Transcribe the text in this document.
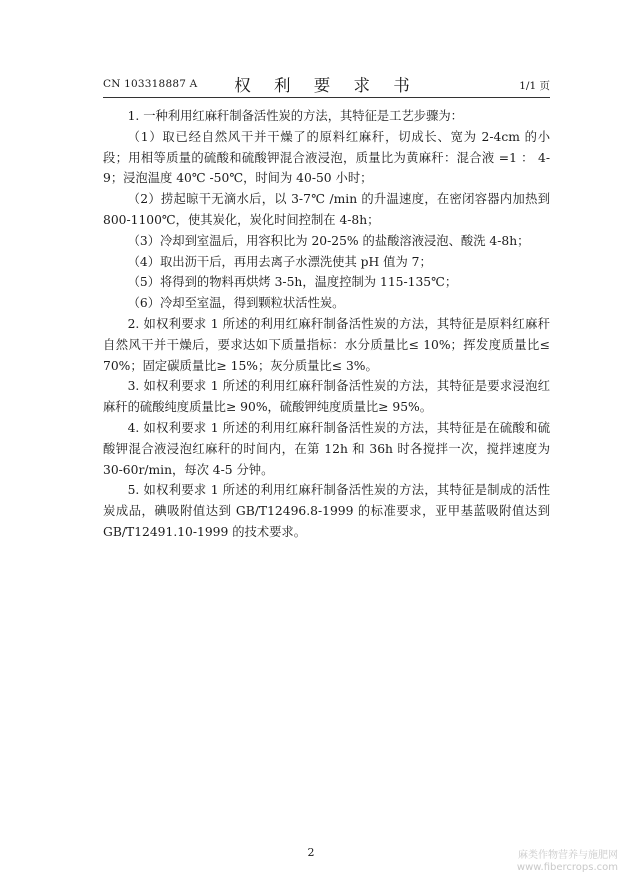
CN 103318887 A	权 利 要 求 书	1/1 页

1. 一种利用红麻秆制备活性炭的方法，其特征是工艺步骤为：

（1）取已经自然风干并干燥了的原料红麻秆，切成长、宽为 2-4cm 的小段；用相等质量的硫酸和硫酸钾混合液浸泡，质量比为黄麻秆：混合液 =1 ： 4-9；浸泡温度 40℃ -50℃，时间为 40-50 小时；

（2）捞起晾干无滴水后，以 3-7℃ /min 的升温速度，在密闭容器内加热到 800-1100℃，使其炭化，炭化时间控制在 4-8h；

（3）冷却到室温后，用容积比为 20-25% 的盐酸溶液浸泡、酸洗 4-8h；

（4）取出沥干后，再用去离子水漂洗使其 pH 值为 7；

（5）将得到的物料再烘烤 3-5h，温度控制为 115-135℃；

（6）冷却至室温，得到颗粒状活性炭。

2. 如权利要求 1 所述的利用红麻秆制备活性炭的方法，其特征是原料红麻秆自然风干并干燥后，要求达如下质量指标：水分质量比≤ 10%；挥发度质量比≤ 70%；固定碳质量比≥ 15%；灰分质量比≤ 3%。

3. 如权利要求 1 所述的利用红麻秆制备活性炭的方法，其特征是要求浸泡红麻秆的硫酸纯度质量比≥ 90%，硫酸钾纯度质量比≥ 95%。

4. 如权利要求 1 所述的利用红麻秆制备活性炭的方法，其特征是在硫酸和硫酸钾混合液浸泡红麻秆的时间内，在第 12h 和 36h 时各搅拌一次，搅拌速度为 30-60r/min，每次 4-5 分钟。

5. 如权利要求 1 所述的利用红麻秆制备活性炭的方法，其特征是制成的活性炭成品，碘吸附值达到 GB/T12496.8-1999 的标准要求，亚甲基蓝吸附值达到 GB/T12491.10-1999 的技术要求。

2	麻类作物营养与施肥网
www.fibercrops.com
